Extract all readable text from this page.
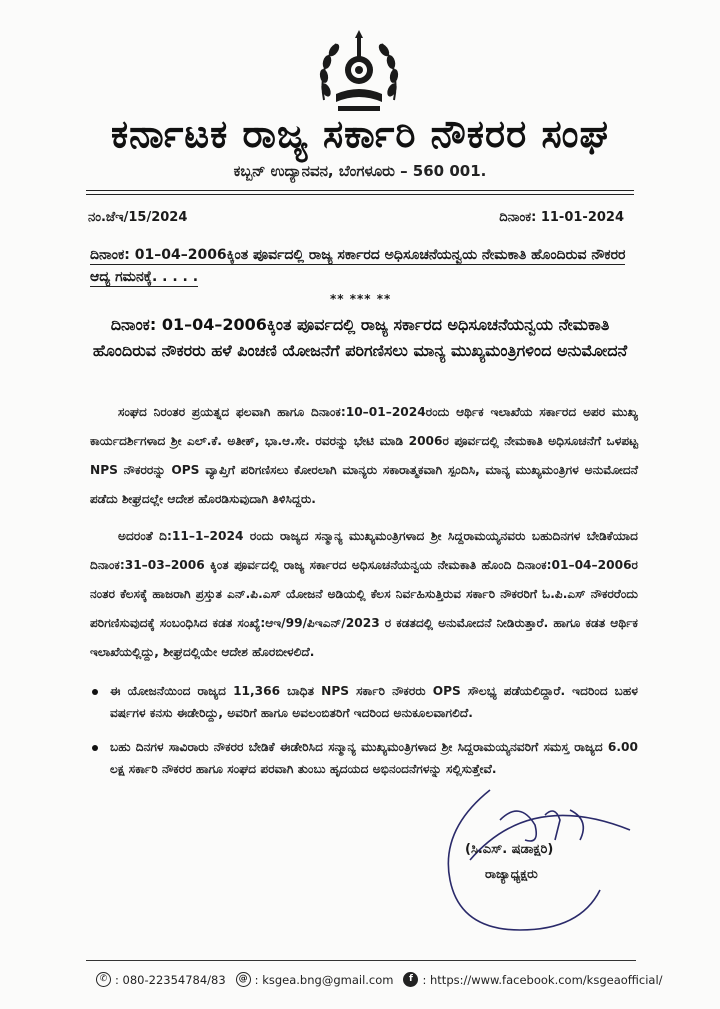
ಕರ್ನಾಟಕ ರಾಜ್ಯ ಸರ್ಕಾರಿ ನೌಕರರ ಸಂಘ
ಕಬ್ಬನ್ ಉದ್ಯಾನವನ, ಬೆಂಗಳೂರು – 560 001.
ನಂ.ಜೆಇ/15/2024	ದಿನಾಂಕ: 11-01-2024
ದಿನಾಂಕ: 01–04–2006ಕ್ಕಿಂತ ಪೂರ್ವದಲ್ಲಿ ರಾಜ್ಯ ಸರ್ಕಾರದ ಅಧಿಸೂಚನೆಯನ್ವಯ ನೇಮಕಾತಿ ಹೊಂದಿರುವ ನೌಕರರ ಆದ್ಯ ಗಮನಕ್ಕೆ. . . . .
** *** **
ದಿನಾಂಕ: 01–04–2006ಕ್ಕಿಂತ ಪೂರ್ವದಲ್ಲಿ ರಾಜ್ಯ ಸರ್ಕಾರದ ಅಧಿಸೂಚನೆಯನ್ವಯ ನೇಮಕಾತಿ ಹೊಂದಿರುವ ನೌಕರರು ಹಳೆ ಪಿಂಚಣಿ ಯೋಜನೆಗೆ ಪರಿಗಣಿಸಲು ಮಾನ್ಯ ಮುಖ್ಯಮಂತ್ರಿಗಳಿಂದ ಅನುಮೋದನೆ

ಸಂಘದ ನಿರಂತರ ಪ್ರಯತ್ನದ ಫಲವಾಗಿ ಹಾಗೂ ದಿನಾಂಕ:10–01–2024ರಂದು ಆರ್ಥಿಕ ಇಲಾಖೆಯ ಸರ್ಕಾರದ ಅಪರ ಮುಖ್ಯ ಕಾರ್ಯದರ್ಶಿಗಳಾದ ಶ್ರೀ ಎಲ್.ಕೆ. ಅತೀಕ್, ಭಾ.ಆ.ಸೇ. ರವರನ್ನು ಭೇಟಿ ಮಾಡಿ 2006ರ ಪೂರ್ವದಲ್ಲಿ ನೇಮಕಾತಿ ಅಧಿಸೂಚನೆಗೆ ಒಳಪಟ್ಟ NPS ನೌಕರರನ್ನು OPS ವ್ಯಾಪ್ತಿಗೆ ಪರಿಗಣಿಸಲು ಕೋರಲಾಗಿ ಮಾನ್ಯರು ಸಕಾರಾತ್ಮಕವಾಗಿ ಸ್ಪಂದಿಸಿ, ಮಾನ್ಯ ಮುಖ್ಯಮಂತ್ರಿಗಳ ಅನುಮೋದನೆ ಪಡೆದು ಶೀಘ್ರದಲ್ಲೇ ಆದೇಶ ಹೊರಡಿಸುವುದಾಗಿ ತಿಳಿಸಿದ್ದರು.

ಅದರಂತೆ ದಿ:11–1–2024 ರಂದು ರಾಜ್ಯದ ಸನ್ಮಾನ್ಯ ಮುಖ್ಯಮಂತ್ರಿಗಳಾದ ಶ್ರೀ ಸಿದ್ದರಾಮಯ್ಯನವರು ಬಹುದಿನಗಳ ಬೇಡಿಕೆಯಾದ ದಿನಾಂಕ:31–03–2006 ಕ್ಕಿಂತ ಪೂರ್ವದಲ್ಲಿ ರಾಜ್ಯ ಸರ್ಕಾರದ ಅಧಿಸೂಚನೆಯನ್ವಯ ನೇಮಕಾತಿ ಹೊಂದಿ ದಿನಾಂಕ:01–04–2006ರ ನಂತರ ಕೆಲಸಕ್ಕೆ ಹಾಜರಾಗಿ ಪ್ರಸ್ತುತ ಎನ್.ಪಿ.ಎಸ್ ಯೋಜನೆ ಅಡಿಯಲ್ಲಿ ಕೆಲಸ ನಿರ್ವಹಿಸುತ್ತಿರುವ ಸರ್ಕಾರಿ ನೌಕರರಿಗೆ ಓ.ಪಿ.ಎಸ್ ನೌಕರರೆಂದು ಪರಿಗಣಿಸುವುದಕ್ಕೆ ಸಂಬಂಧಿಸಿದ ಕಡತ ಸಂಖ್ಯೆ:ಆಇ/99/ಪಿಇಎನ್/2023 ರ ಕಡತದಲ್ಲಿ ಅನುಮೋದನೆ ನೀಡಿರುತ್ತಾರೆ. ಹಾಗೂ ಕಡತ ಆರ್ಥಿಕ ಇಲಾಖೆಯಲ್ಲಿದ್ದು, ಶೀಘ್ರದಲ್ಲಿಯೇ ಆದೇಶ ಹೊರಬೀಳಲಿದೆ.

ಈ ಯೋಜನೆಯಿಂದ ರಾಜ್ಯದ 11,366 ಬಾಧಿತ NPS ಸರ್ಕಾರಿ ನೌಕರರು OPS ಸೌಲಭ್ಯ ಪಡೆಯಲಿದ್ದಾರೆ. ಇದರಿಂದ ಬಹಳ ವರ್ಷಗಳ ಕನಸು ಈಡೇರಿದ್ದು, ಅವರಿಗೆ ಹಾಗೂ ಅವಲಂಬಿತರಿಗೆ ಇದರಿಂದ ಅನುಕೂಲವಾಗಲಿದೆ.
ಬಹು ದಿನಗಳ ಸಾವಿರಾರು ನೌಕರರ ಬೇಡಿಕೆ ಈಡೇರಿಸಿದ ಸನ್ಮಾನ್ಯ ಮುಖ್ಯಮಂತ್ರಿಗಳಾದ ಶ್ರೀ ಸಿದ್ದರಾಮಯ್ಯನವರಿಗೆ ಸಮಸ್ತ ರಾಜ್ಯದ 6.00 ಲಕ್ಷ ಸರ್ಕಾರಿ ನೌಕರರ ಹಾಗೂ ಸಂಘದ ಪರವಾಗಿ ತುಂಬು ಹೃದಯದ ಅಭಿನಂದನೆಗಳನ್ನು ಸಲ್ಲಿಸುತ್ತೇವೆ.
(ಸಿ.ಎಸ್. ಷಡಾಕ್ಷರಿ)
ರಾಜ್ಯಾಧ್ಯಕ್ಷರು
✆ : 080-22354784/83	@ : ksgea.bng@gmail.com	f : https://www.facebook.com/ksgeaofficial/
